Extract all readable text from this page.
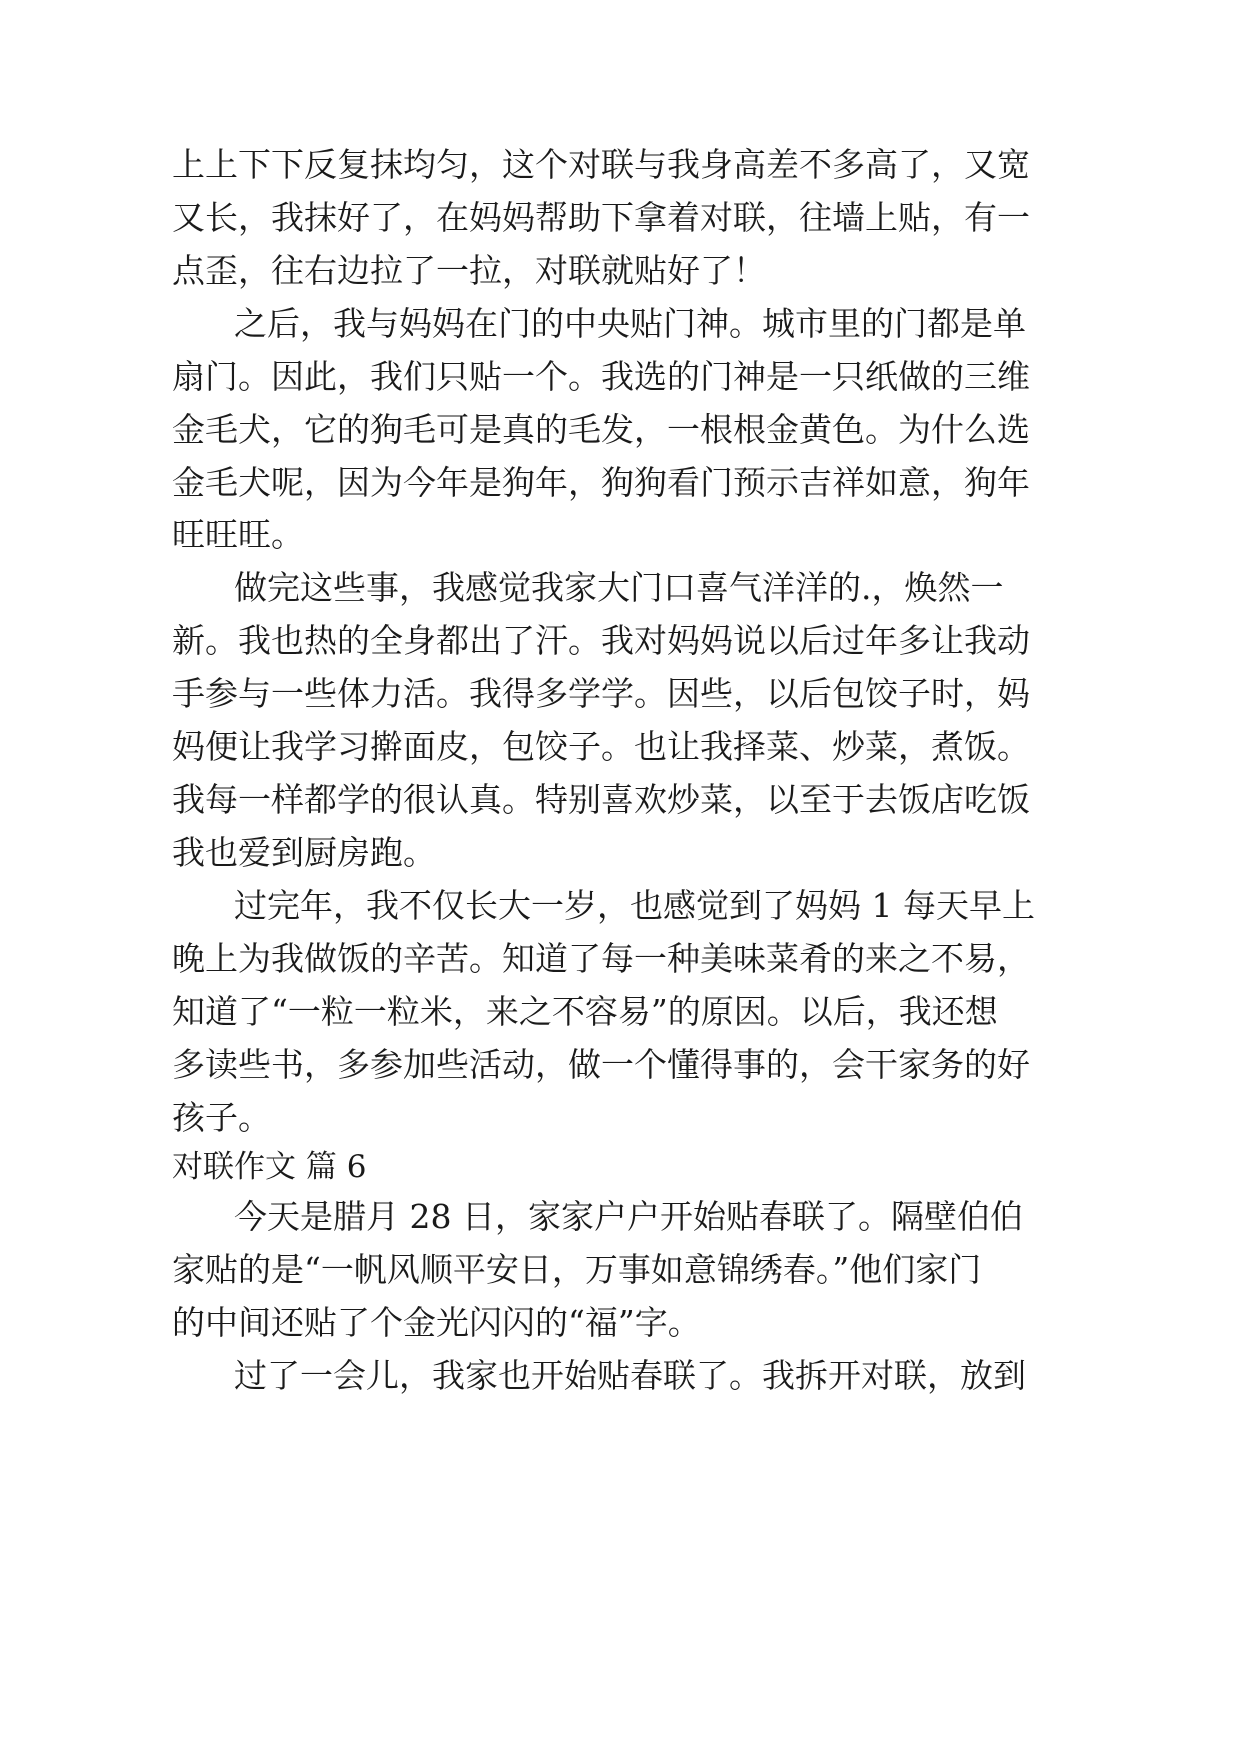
上上下下反复抹均匀，这个对联与我身高差不多高了，又宽
又长，我抹好了，在妈妈帮助下拿着对联，往墙上贴，有一
点歪，往右边拉了一拉，对联就贴好了！
之后，我与妈妈在门的中央贴门神。城市里的门都是单
扇门。因此，我们只贴一个。我选的门神是一只纸做的三维
金毛犬，它的狗毛可是真的毛发，一根根金黄色。为什么选
金毛犬呢，因为今年是狗年，狗狗看门预示吉祥如意，狗年
旺旺旺。
做完这些事，我感觉我家大门口喜气洋洋的.，焕然一
新。我也热的全身都出了汗。我对妈妈说以后过年多让我动
手参与一些体力活。我得多学学。因些，以后包饺子时，妈
妈便让我学习擀面皮，包饺子。也让我择菜、炒菜，煮饭。
我每一样都学的很认真。特别喜欢炒菜，以至于去饭店吃饭
我也爱到厨房跑。
过完年，我不仅长大一岁，也感觉到了妈妈 1 每天早上
晚上为我做饭的辛苦。知道了每一种美味菜肴的来之不易，
知道了“一粒一粒米，来之不容易”的原因。以后，我还想
多读些书，多参加些活动，做一个懂得事的，会干家务的好
孩子。
对联作文 篇 6
今天是腊月 28 日，家家户户开始贴春联了。隔壁伯伯
家贴的是“一帆风顺平安日，万事如意锦绣春。”他们家门
的中间还贴了个金光闪闪的“福”字。
过了一会儿，我家也开始贴春联了。我拆开对联，放到
